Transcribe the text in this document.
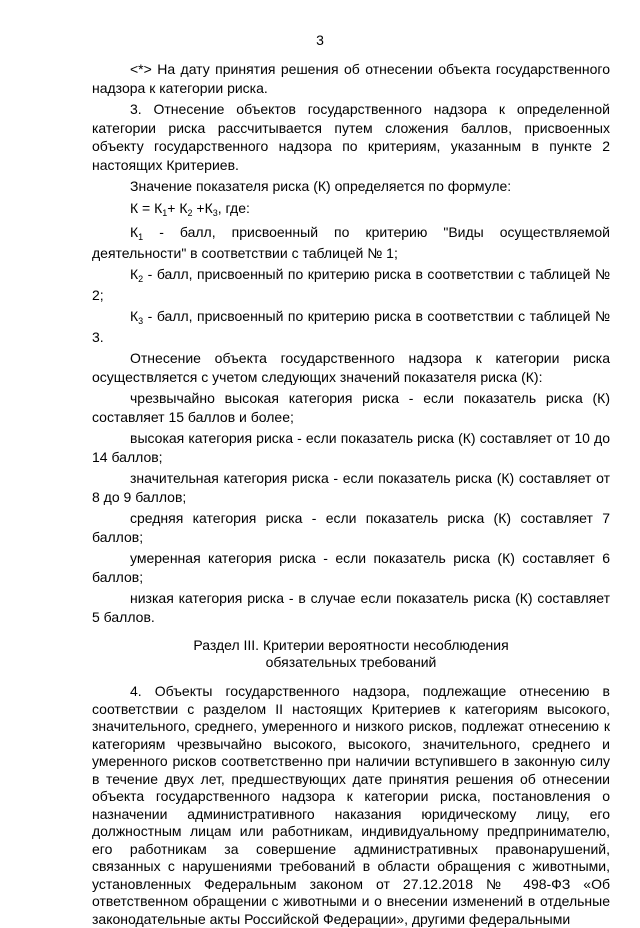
3

<*> На дату принятия решения об отнесении объекта государственного надзора к категории риска.

3. Отнесение объектов государственного надзора к определенной категории риска рассчитывается путем сложения баллов, присвоенных объекту государственного надзора по критериям, указанным в пункте 2 настоящих Критериев.

Значение показателя риска (К) определяется по формуле:

$К = К_1+ К_2 +К_3$, где:

$К_1$ - балл, присвоенный по критерию "Виды осуществляемой деятельности" в соответствии с таблицей № 1;

$К_2$ - балл, присвоенный по критерию риска в соответствии с таблицей № 2;

$К_3$ - балл, присвоенный по критерию риска в соответствии с таблицей № 3.

Отнесение объекта государственного надзора к категории риска осуществляется с учетом следующих значений показателя риска (К):

чрезвычайно высокая категория риска - если показатель риска (К) составляет 15 баллов и более;

высокая категория риска - если показатель риска (К) составляет от 10 до 14 баллов;

значительная категория риска - если показатель риска (К) составляет от 8 до 9 баллов;

средняя категория риска - если показатель риска (К) составляет 7 баллов;

умеренная категория риска - если показатель риска (К) составляет 6 баллов;

низкая категория риска - в случае если показатель риска (К) составляет 5 баллов.

Раздел III. Критерии вероятности несоблюдения
обязательных требований

4. Объекты государственного надзора, подлежащие отнесению в соответствии с разделом II настоящих Критериев к категориям высокого, значительного, среднего, умеренного и низкого рисков, подлежат отнесению к категориям чрезвычайно высокого, высокого, значительного, среднего и умеренного рисков соответственно при наличии вступившего в законную силу в течение двух лет, предшествующих дате принятия решения об отнесении объекта государственного надзора к категории риска, постановления о назначении административного наказания юридическому лицу, его должностным лицам или работникам, индивидуальному предпринимателю, его работникам за совершение административных правонарушений, связанных с нарушениями требований в области обращения с животными, установленных Федеральным законом от 27.12.2018 № 498-ФЗ «Об ответственном обращении с животными и о внесении изменений в отдельные законодательные акты Российской Федерации», другими федеральными
